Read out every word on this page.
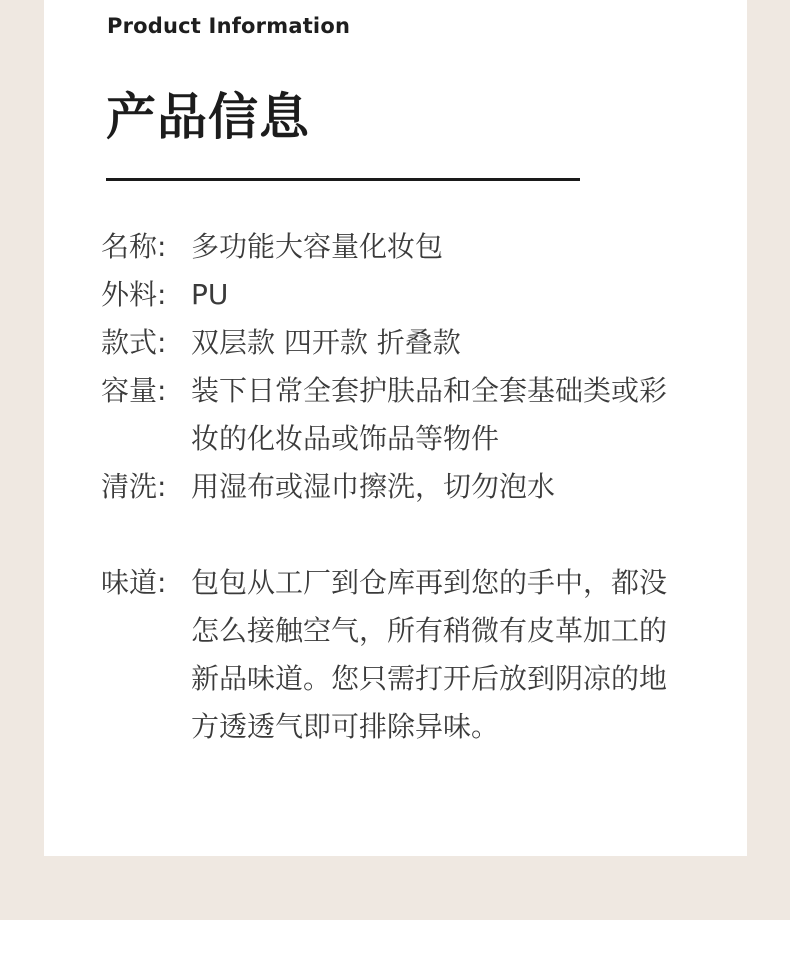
Product Information
产品信息
名称: 多功能大容量化妆包
外料: PU
款式: 双层款 四开款 折叠款
容量: 装下日常全套护肤品和全套基础类或彩妆的化妆品或饰品等物件
清洗: 用湿布或湿巾擦洗，切勿泡水
味道: 包包从工厂到仓库再到您的手中，都没怎么接触空气，所有稍微有皮革加工的新品味道。您只需打开后放到阴凉的地方透透气即可排除异味。
